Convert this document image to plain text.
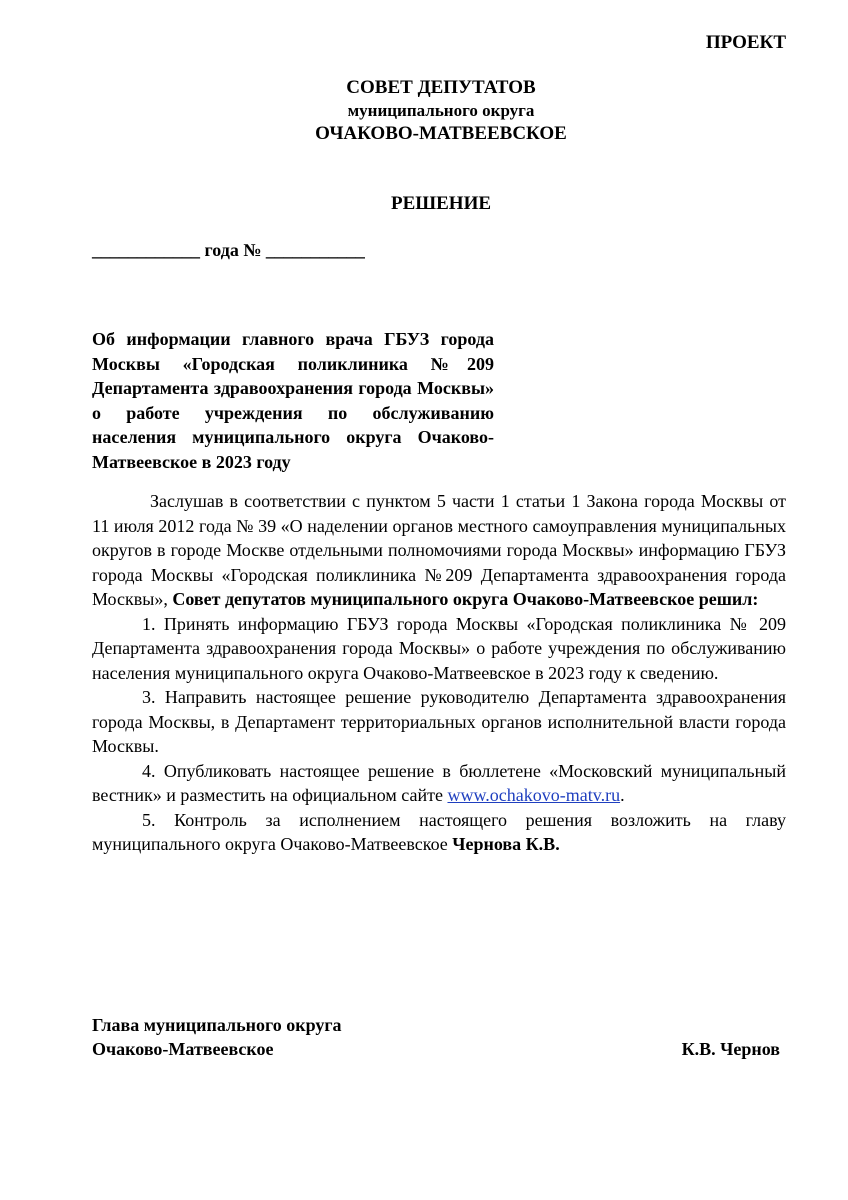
ПРОЕКТ
СОВЕТ ДЕПУТАТОВ
муниципального округа
ОЧАКОВО-МАТВЕЕВСКОЕ
РЕШЕНИЕ
____________ года № ___________
Об информации главного врача ГБУЗ города Москвы «Городская поликлиника №209 Департамента здравоохранения города Москвы» о работе учреждения по обслуживанию населения муниципального округа Очаково-Матвеевское в 2023 году

Заслушав в соответствии с пунктом 5 части 1 статьи 1 Закона города Москвы от 11 июля 2012 года № 39 «О наделении органов местного самоуправления муниципальных округов в городе Москве отдельными полномочиями города Москвы» информацию ГБУЗ города Москвы «Городская поликлиника №209 Департамента здравоохранения города Москвы», Совет депутатов муниципального округа Очаково-Матвеевское решил:

1. Принять информацию ГБУЗ города Москвы «Городская поликлиника № 209 Департамента здравоохранения города Москвы» о работе учреждения по обслуживанию населения муниципального округа Очаково-Матвеевское в 2023 году к сведению.

3. Направить настоящее решение руководителю Департамента здравоохранения города Москвы, в Департамент территориальных органов исполнительной власти города Москвы.

4. Опубликовать настоящее решение в бюллетене «Московский муниципальный вестник» и разместить на официальном сайте www.ochakovo-matv.ru.

5. Контроль за исполнением настоящего решения возложить на главу муниципального округа Очаково-Матвеевское Чернова К.В.

Глава муниципального округа
Очаково-Матвеевское	К.В. Чернов
